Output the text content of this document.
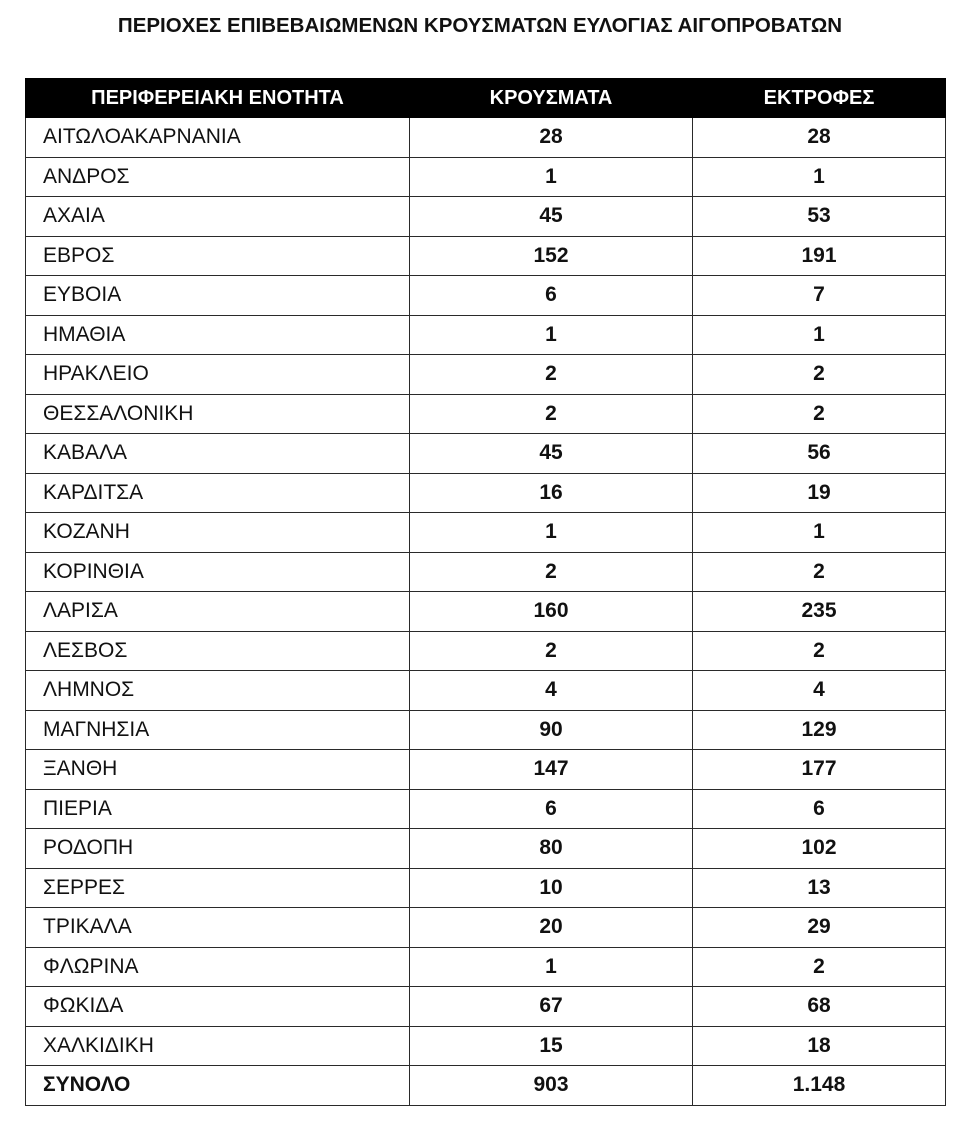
ΠΕΡΙΟΧΕΣ ΕΠΙΒΕΒΑΙΩΜΕΝΩΝ ΚΡΟΥΣΜΑΤΩΝ ΕΥΛΟΓΙΑΣ ΑΙΓΟΠΡΟΒΑΤΩΝ
ΠΕΡΙΦΕΡΕΙΑΚΗ ΕΝΟΤΗΤΑ	ΚΡΟΥΣΜΑΤΑ	ΕΚΤΡΟΦΕΣ
ΑΙΤΩΛΟΑΚΑΡΝΑΝΙΑ	28	28
ΑΝΔΡΟΣ	1	1
ΑΧΑΙΑ	45	53
ΕΒΡΟΣ	152	191
ΕΥΒΟΙΑ	6	7
ΗΜΑΘΙΑ	1	1
ΗΡΑΚΛΕΙΟ	2	2
ΘΕΣΣΑΛΟΝΙΚΗ	2	2
ΚΑΒΑΛΑ	45	56
ΚΑΡΔΙΤΣΑ	16	19
ΚΟΖΑΝΗ	1	1
ΚΟΡΙΝΘΙΑ	2	2
ΛΑΡΙΣΑ	160	235
ΛΕΣΒΟΣ	2	2
ΛΗΜΝΟΣ	4	4
ΜΑΓΝΗΣΙΑ	90	129
ΞΑΝΘΗ	147	177
ΠΙΕΡΙΑ	6	6
ΡΟΔΟΠΗ	80	102
ΣΕΡΡΕΣ	10	13
ΤΡΙΚΑΛΑ	20	29
ΦΛΩΡΙΝΑ	1	2
ΦΩΚΙΔΑ	67	68
ΧΑΛΚΙΔΙΚΗ	15	18
ΣΥΝΟΛΟ	903	1.148
